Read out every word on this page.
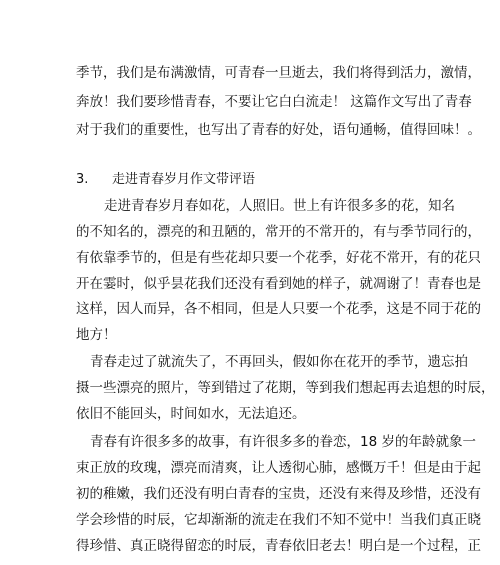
季节，我们是布满激情，可青春一旦逝去，我们将得到活力，激情，
奔放！我们要珍惜青春，不要让它白白流走！ 这篇作文写出了青春
对于我们的重要性，也写出了青春的好处，语句通畅，值得回味！。
3. 走进青春岁月作文带评语
走进青春岁月春如花，人照旧。世上有许很多多的花，知名
的不知名的，漂亮的和丑陋的，常开的不常开的，有与季节同行的，
有依靠季节的，但是有些花却只要一个花季，好花不常开，有的花只
开在霎时，似乎昙花我们还没有看到她的样子，就凋谢了！青春也是
这样，因人而异，各不相同，但是人只要一个花季，这是不同于花的
地方！
青春走过了就流失了，不再回头，假如你在花开的季节，遗忘拍
摄一些漂亮的照片，等到错过了花期，等到我们想起再去追想的时辰，
依旧不能回头，时间如水，无法追还。
青春有许很多多的故事，有许很多多的眷恋，18 岁的年龄就象一
束正放的玫瑰，漂亮而清爽，让人透彻心肺，感慨万千！但是由于起
初的稚嫩，我们还没有明白青春的宝贵，还没有来得及珍惜，还没有
学会珍惜的时辰，它却渐渐的流走在我们不知不觉中！当我们真正晓
得珍惜、真正晓得留恋的时辰，青春依旧老去！明白是一个过程，正
